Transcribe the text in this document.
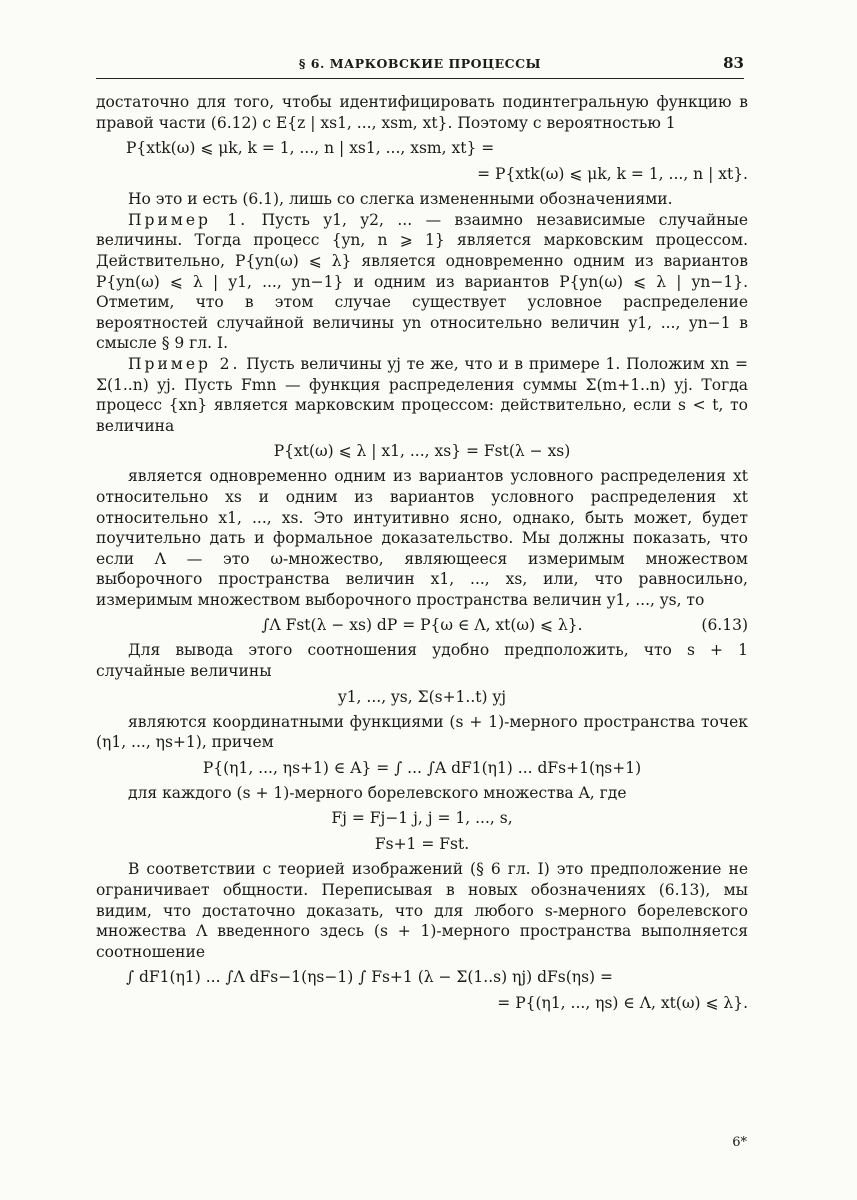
§ 6. МАРКОВСКИЕ ПРОЦЕССЫ	83

достаточно для того, чтобы идентифицировать подинтегральную функцию в правой части (6.12) с E{z | xs1, ..., xsm, xt}. Поэтому с вероятностью 1

P{xtk(ω) ⩽ μk, k = 1, ..., n | xs1, ..., xsm, xt} =
= P{xtk(ω) ⩽ μk, k = 1, ..., n | xt}.

Но это и есть (6.1), лишь со слегка измененными обозначениями.

Пример 1. Пусть y1, y2, ... — взаимно независимые случайные величины. Тогда процесс {yn, n ⩾ 1} является марковским процессом. Действительно, P{yn(ω) ⩽ λ} является одновременно одним из вариантов P{yn(ω) ⩽ λ | y1, ..., yn−1} и одним из вариантов P{yn(ω) ⩽ λ | yn−1}. Отметим, что в этом случае существует условное распределение вероятностей случайной величины yn относительно величин y1, ..., yn−1 в смысле § 9 гл. I.

Пример 2. Пусть величины yj те же, что и в примере 1. Положим xn = Σ(1..n) yj. Пусть Fmn — функция распределения суммы Σ(m+1..n) yj. Тогда процесс {xn} является марковским процессом: действительно, если s < t, то величина

P{xt(ω) ⩽ λ | x1, ..., xs} = Fst(λ − xs)

является одновременно одним из вариантов условного распределения xt относительно xs и одним из вариантов условного распределения xt относительно x1, ..., xs. Это интуитивно ясно, однако, быть может, будет поучительно дать и формальное доказательство. Мы должны показать, что если Λ — это ω-множество, являющееся измеримым множеством выборочного пространства величин x1, ..., xs, или, что равносильно, измеримым множеством выборочного пространства величин y1, ..., ys, то

∫Λ Fst(λ − xs) dP = P{ω ∈ Λ, xt(ω) ⩽ λ}.	(6.13)

Для вывода этого соотношения удобно предположить, что s + 1 случайные величины

y1, ..., ys, Σ(s+1..t) yj

являются координатными функциями (s + 1)-мерного пространства точек (η1, ..., ηs+1), причем

P{(η1, ..., ηs+1) ∈ A} = ∫ ... ∫A dF1(η1) ... dFs+1(ηs+1)

для каждого (s + 1)-мерного борелевского множества A, где

Fj = Fj−1 j, j = 1, ..., s,
Fs+1 = Fst.

В соответствии с теорией изображений (§ 6 гл. I) это предположение не ограничивает общности. Переписывая в новых обозначениях (6.13), мы видим, что достаточно доказать, что для любого s-мерного борелевского множества Λ введенного здесь (s + 1)-мерного пространства выполняется соотношение

∫ dF1(η1) ... ∫Λ dFs−1(ηs−1) ∫ Fs+1 (λ − Σ(1..s) ηj) dFs(ηs) =
= P{(η1, ..., ηs) ∈ Λ, xt(ω) ⩽ λ}.
6*
